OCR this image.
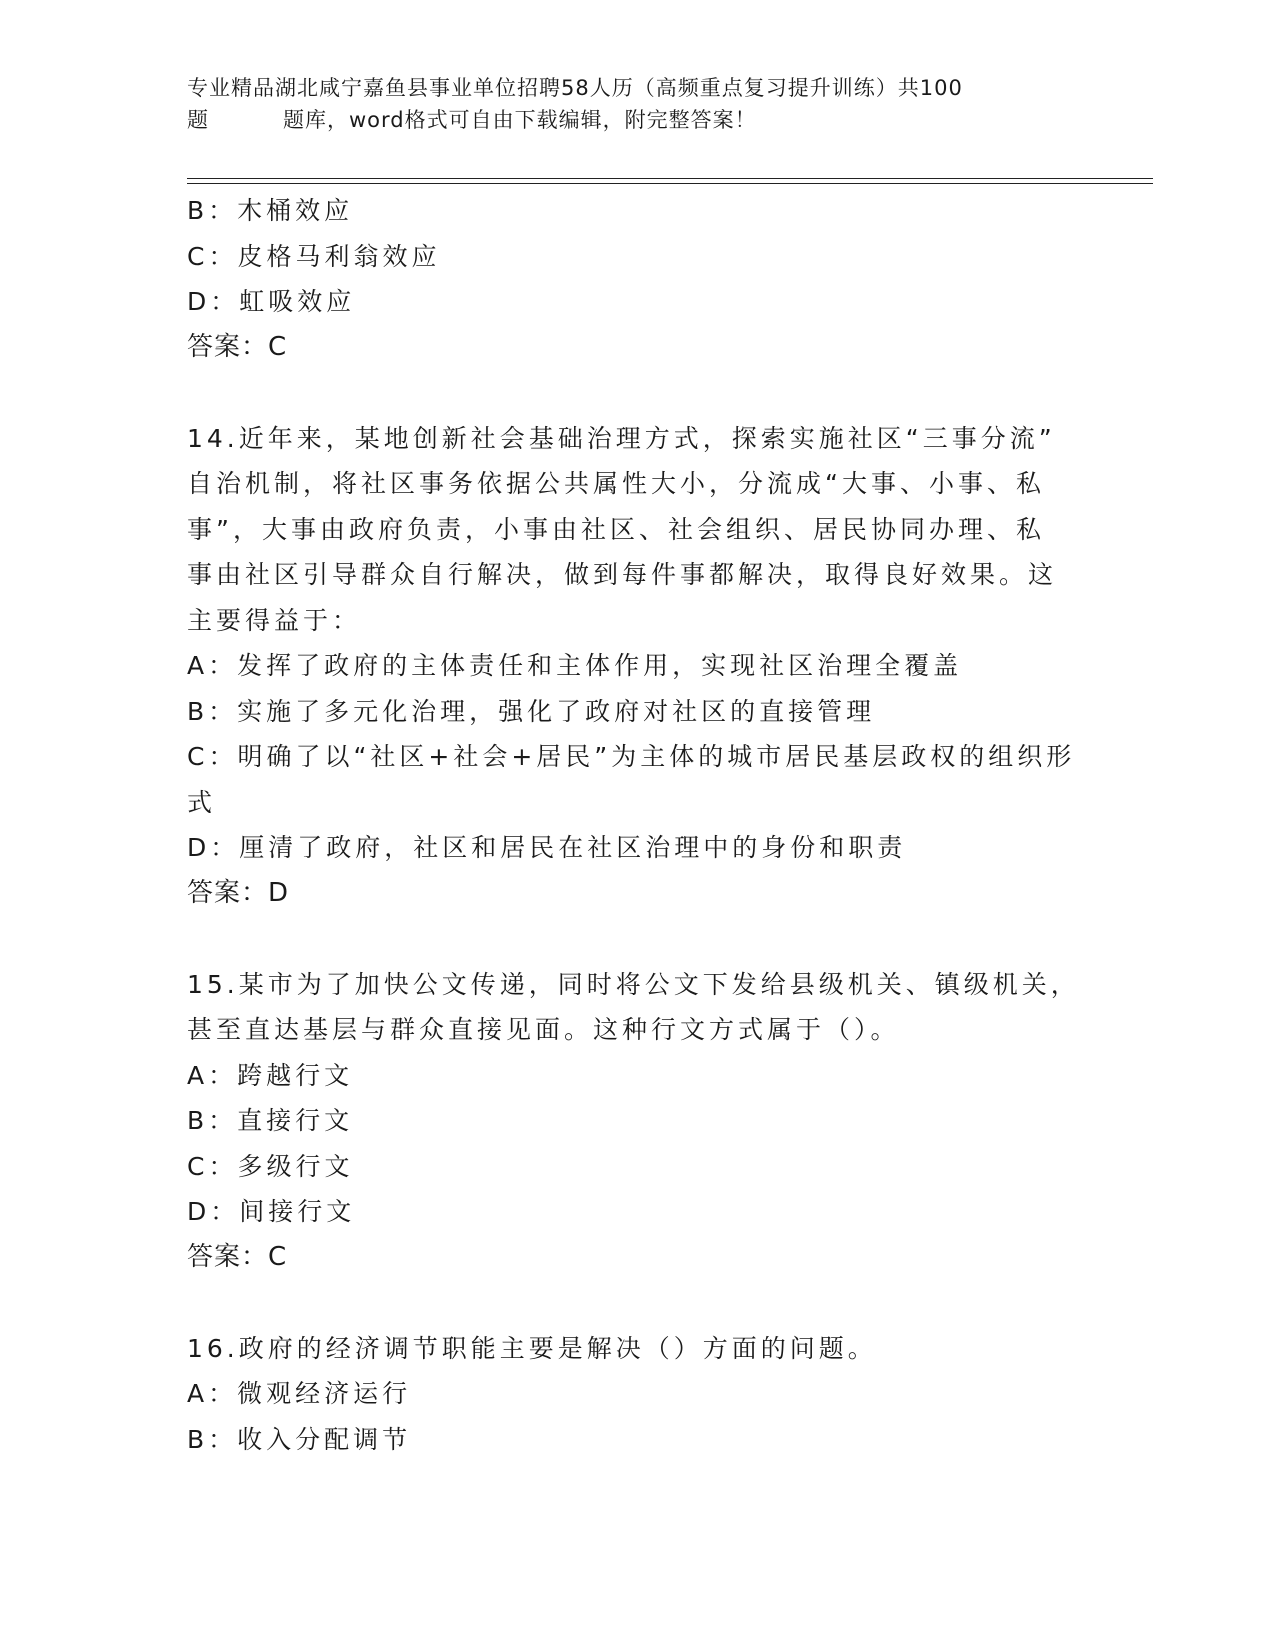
专业精品湖北咸宁嘉鱼县事业单位招聘58人历（高频重点复习提升训练）共100
题	题库，word格式可自由下载编辑，附完整答案！
B：木桶效应
C：皮格马利翁效应
D：虹吸效应
答案：C
14.近年来，某地创新社会基础治理方式，探索实施社区“三事分流”
自治机制，将社区事务依据公共属性大小，分流成“大事、小事、私
事”，大事由政府负责，小事由社区、社会组织、居民协同办理、私
事由社区引导群众自行解决，做到每件事都解决，取得良好效果。这
主要得益于：
A：发挥了政府的主体责任和主体作用，实现社区治理全覆盖
B：实施了多元化治理，强化了政府对社区的直接管理
C：明确了以“社区+社会+居民”为主体的城市居民基层政权的组织形
式
D：厘清了政府，社区和居民在社区治理中的身份和职责
答案：D
15.某市为了加快公文传递，同时将公文下发给县级机关、镇级机关，
甚至直达基层与群众直接见面。这种行文方式属于（）。
A：跨越行文
B：直接行文
C：多级行文
D：间接行文
答案：C
16.政府的经济调节职能主要是解决（）方面的问题。
A：微观经济运行
B：收入分配调节
